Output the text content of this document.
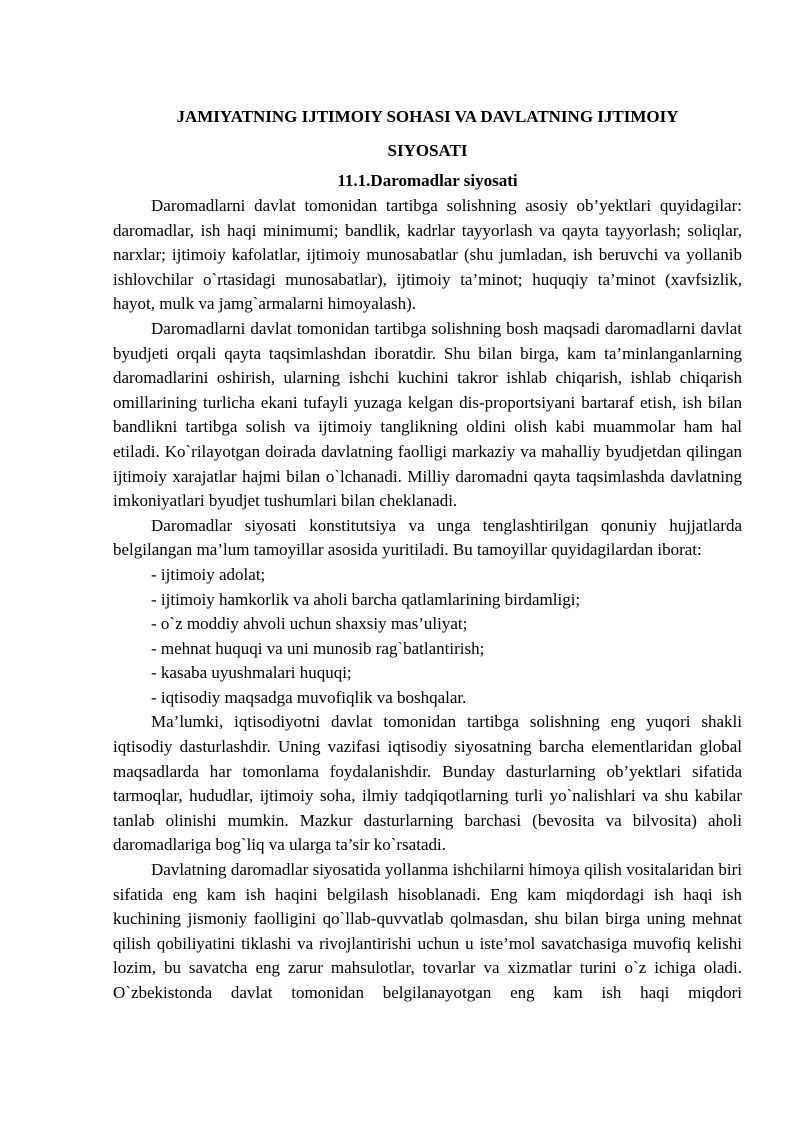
JAMIYATNING IJTIMOIY SOHASI VA DAVLATNING IJTIMOIY
SIYOSATI
11.1.Daromadlar siyosati

Daromadlarni davlat tomonidan tartibga solishning asosiy ob’yektlari quyidagilar: daromadlar, ish haqi minimumi; bandlik, kadrlar tayyorlash va qayta tayyorlash; soliqlar, narxlar; ijtimoiy kafolatlar, ijtimoiy munosabatlar (shu jumladan, ish beruvchi va yollanib ishlovchilar o`rtasidagi munosabatlar), ijtimoiy ta’minot; huquqiy ta’minot (xavfsizlik, hayot, mulk va jamg`armalarni himoyalash).

Daromadlarni davlat tomonidan tartibga solishning bosh maqsadi daromadlarni davlat byudjeti orqali qayta taqsimlashdan iboratdir. Shu bilan birga, kam ta’minlanganlarning daromadlarini oshirish, ularning ishchi kuchini takror ishlab chiqarish, ishlab chiqarish omillarining turlicha ekani tufayli yuzaga kelgan dis-proportsiyani bartaraf etish, ish bilan bandlikni tartibga solish va ijtimoiy tanglikning oldini olish kabi muammolar ham hal etiladi. Ko`rilayotgan doirada davlatning faolligi markaziy va mahalliy byudjetdan qilingan ijtimoiy xarajatlar hajmi bilan o`lchanadi. Milliy daromadni qayta taqsimlashda davlatning imkoniyatlari byudjet tushumlari bilan cheklanadi.

Daromadlar siyosati konstitutsiya va unga tenglashtirilgan qonuniy hujjatlarda belgilangan ma’lum tamoyillar asosida yuritiladi. Bu tamoyillar quyidagilardan iborat:

- ijtimoiy adolat;
- ijtimoiy hamkorlik va aholi barcha qatlamlarining birdamligi;
- o`z moddiy ahvoli uchun shaxsiy mas’uliyat;
- mehnat huquqi va uni munosib rag`batlantirish;
- kasaba uyushmalari huquqi;
- iqtisodiy maqsadga muvofiqlik va boshqalar.

Ma’lumki, iqtisodiyotni davlat tomonidan tartibga solishning eng yuqori shakli iqtisodiy dasturlashdir. Uning vazifasi iqtisodiy siyosatning barcha elementlaridan global maqsadlarda har tomonlama foydalanishdir. Bunday dasturlarning ob’yektlari sifatida tarmoqlar, hududlar, ijtimoiy soha, ilmiy tadqiqotlarning turli yo`nalishlari va shu kabilar tanlab olinishi mumkin. Mazkur dasturlarning barchasi (bevosita va bilvosita) aholi daromadlariga bog`liq va ularga ta’sir ko`rsatadi.

Davlatning daromadlar siyosatida yollanma ishchilarni himoya qilish vositalaridan biri sifatida eng kam ish haqini belgilash hisoblanadi. Eng kam miqdordagi ish haqi ish kuchining jismoniy faolligini qo`llab-quvvatlab qolmasdan, shu bilan birga uning mehnat qilish qobiliyatini tiklashi va rivojlantirishi uchun u iste’mol savatchasiga muvofiq kelishi lozim, bu savatcha eng zarur mahsulotlar, tovarlar va xizmatlar turini o`z ichiga oladi. O`zbekistonda davlat tomonidan belgilanayotgan eng kam ish haqi miqdori
